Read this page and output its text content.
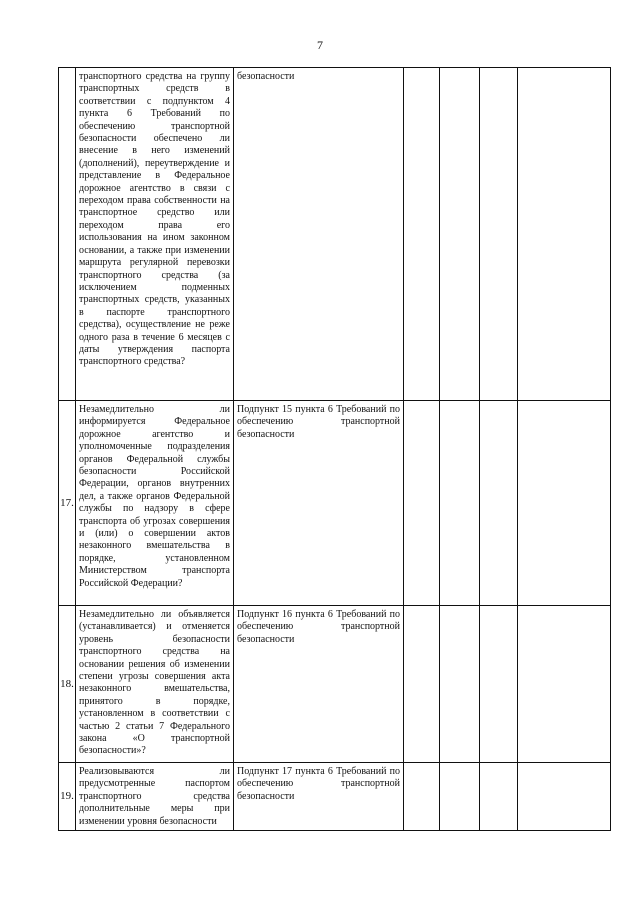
7
	транспортного средства на группу транспортных средств в соответствии с подпунктом 4 пункта 6 Требований по обеспечению транспортной безопасности обеспечено ли внесение в него изменений (дополнений), переутверждение и представление в Федеральное дорожное агентство в связи с переходом права собственности на транспортное средство или переходом права его использования на ином законном основании, а также при изменении маршрута регулярной перевозки транспортного средства (за исключением подменных транспортных средств, указанных в паспорте транспортного средства), осуществление не реже одного раза в течение 6 месяцев с даты утверждения паспорта транспортного средства?	безопасности				
17.	Незамедлительно ли информируется Федеральное дорожное агентство и уполномоченные подразделения органов Федеральной службы безопасности Российской Федерации, органов внутренних дел, а также органов Федеральной службы по надзору в сфере транспорта об угрозах совершения и (или) о совершении актов незаконного вмешательства в порядке, установленном Министерством транспорта Российской Федерации?	Подпункт 15 пункта 6 Требований по обеспечению транспортной безопасности				
18.	Незамедлительно ли объявляется (устанавливается) и отменяется уровень безопасности транспортного средства на основании решения об изменении степени угрозы совершения акта незаконного вмешательства, принятого в порядке, установленном в соответствии с частью 2 статьи 7 Федерального закона «О транспортной безопасности»?	Подпункт 16 пункта 6 Требований по обеспечению транспортной безопасности				
19.	Реализовываются ли предусмотренные паспортом транспортного средства дополнительные меры при изменении уровня безопасности	Подпункт 17 пункта 6 Требований по обеспечению транспортной безопасности				
